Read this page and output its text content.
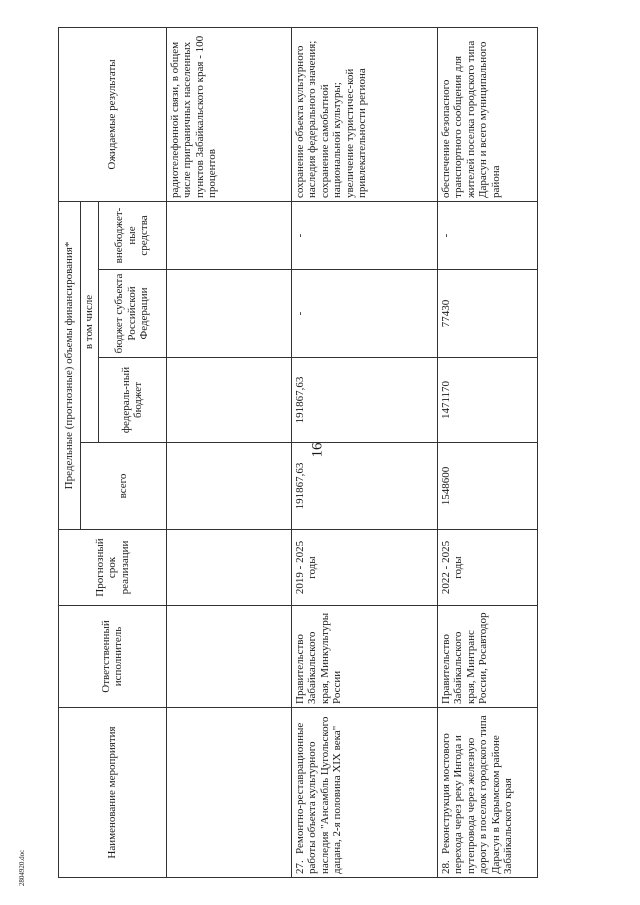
16
2804920.doc
Наименование мероприятия	Ответственный исполнитель	Прогнозный срок реализации	Предельные (прогнозные) объемы финансирования*				Ожидаемые результаты
			всего	в том числе			
				федераль-ный бюджет	бюджет субъекта Российской Федерации	внебюджет-ные средства	
							радиотелефонной связи, в общем числе приграничных населенных пунктов Забайкальского края - 100 процентов
27.Ремонтно-реставрационные работы объекта культурного наследия "Ансамбль Цугольского дацана, 2-я половина XIX века"	Правительство Забайкальского края, Минкультуры России	2019 - 2025 годы	191867,63	191867,63	-	-	сохранение объекта культурного наследия федерального значения; сохранение самобытной национальной культуры; увеличение туристичес-кой привлекательности региона
28.Реконструкция мостового перехода через реку Ингода и путепровода через железную дорогу в поселок городского типа Дарасун в Карымском районе Забайкальского края	Правительство Забайкальского края, Минтранс России, Росавтодор	2022 - 2025 годы	1548600	1471170	77430	-	обеспечение безопасного транспортного сообщения для жителей поселка городского типа Дарасун и всего муниципального района
